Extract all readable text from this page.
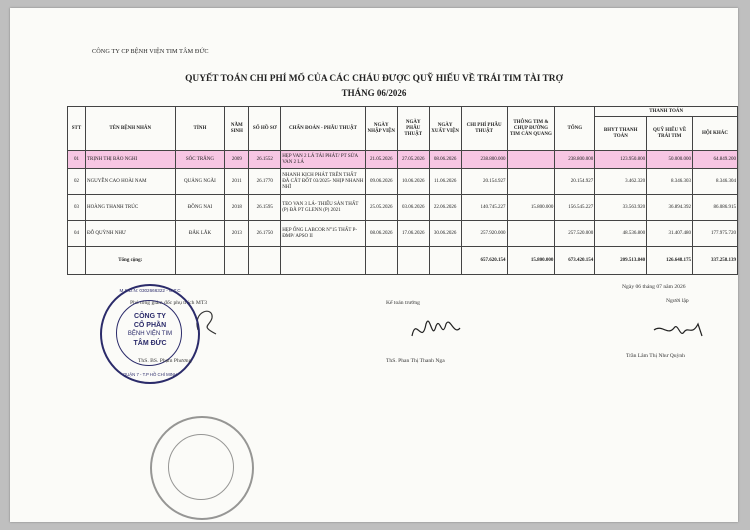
CÔNG TY CP BỆNH VIỆN TIM TÂM ĐỨC
QUYẾT TOÁN CHI PHÍ MỔ CỦA CÁC CHÁU ĐƯỢC QUỸ HIẾU VỀ TRÁI TIM TÀI TRỢ
THÁNG 06/2026
STT	TÊN BỆNH NHÂN	TỈNH	NĂM SINH	SỐ HỒ SƠ	CHẨN ĐOÁN - PHẪU THUẬT	NGÀY NHẬP VIỆN	NGÀY PHẪU THUẬT	NGÀY XUẤT VIỆN	CHI PHÍ PHẪU THUẬT	THÔNG TIM & CHỤP ĐƯỜNG TIM CẢN QUANG	TỔNG	THANH TOÁN		
												BHYT THANH TOÁN	QUỸ HIẾU VỀ TRÁI TIM	HỘI KHÁC
01	TRỊNH THỊ BẢO NGHI	SÓC TRĂNG	2009	26.1552	HẸP VAN 2 LÁ TÁI PHÁT/ PT SỬA VAN 2 LÁ	21.05.2026	27.05.2026	08.06.2026	238.800.000		238.800.000	123.950.800	50.000.000	64.849.200
02	NGUYỄN CAO HOÀI NAM	QUẢNG NGÃI	2011	26.1770	NHANH KỊCH PHÁT TRÊN THẤT ĐÃ CẮT ĐỐT 03/2025- NHỊP NHANH NHĨ	09.06.2026	10.06.2026	11.06.2026	20.154.927		20.154.927	3.462.320	8.346.303	8.346.304
03	HOÀNG THANH TRÚC	ĐỒNG NAI	2018	26.1595	TEO VAN 3 LÁ- THIỂU SẢN THẤT (P) ĐÃ PT GLENN (P) 2021	25.05.2026	03.06.2026	22.06.2026	140.745.227	15.800.000	156.545.227	33.563.920	36.894.392	86.086.915
04	ĐỖ QUỲNH NHƯ	ĐẮK LẮK	2013	26.1750	HẸP ỐNG LABCOR N°15 THẤT P-ĐMP/ APSO II	08.06.2026	17.06.2026	30.06.2026	257.920.000		257.520.000	48.536.800	31.407.480	177.975.720
	Tổng cộng:								657.620.154	15.800.000	673.420.154	209.513.840	126.648.175	337.258.139
Ngày 06 tháng 07 năm 2026
Phó tổng giám đốc phụ trách MT3	Kế toán trưởng	Người lập
M.S.D.N: 0302666322 - C.T.C
CÔNG TY
CỔ PHẦN
BỆNH VIỆN TIM
TÂM ĐỨC
QUẬN 7 - T.P HỒ CHÍ MINH
ThS. BS. Phạm Phương	ThS. Phan Thị Thanh Nga
Trần Lâm Thị Như Quỳnh
